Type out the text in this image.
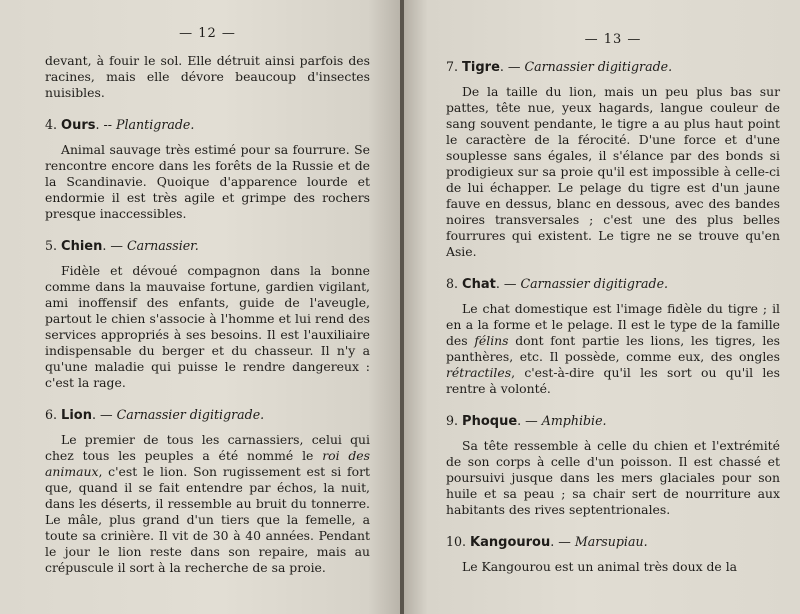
— 12 —

devant, à fouir le sol. Elle détruit ainsi parfois des racines, mais elle dévore beaucoup d'insectes nuisibles.

4. Ours. -- Plantigrade.

Animal sauvage très estimé pour sa fourrure. Se rencontre encore dans les forêts de la Russie et de la Scandinavie. Quoique d'apparence lourde et endormie il est très agile et grimpe des rochers presque inaccessibles.

5. Chien. — Carnassier.

Fidèle et dévoué compagnon dans la bonne comme dans la mauvaise fortune, gardien vigilant, ami inoffensif des enfants, guide de l'aveugle, partout le chien s'associe à l'homme et lui rend des services appropriés à ses besoins. Il est l'auxiliaire indispensable du berger et du chasseur. Il n'y a qu'une maladie qui puisse le rendre dangereux : c'est la rage.

6. Lion. — Carnassier digitigrade.

Le premier de tous les carnassiers, celui qui chez tous les peuples a été nommé le roi des animaux, c'est le lion. Son rugissement est si fort que, quand il se fait entendre par échos, la nuit, dans les déserts, il ressemble au bruit du tonnerre. Le mâle, plus grand d'un tiers que la femelle, a toute sa crinière. Il vit de 30 à 40 années. Pendant le jour le lion reste dans son repaire, mais au crépuscule il sort à la recherche de sa proie.

— 13 —
7. Tigre. — Carnassier digitigrade.

De la taille du lion, mais un peu plus bas sur pattes, tête nue, yeux hagards, langue couleur de sang souvent pendante, le tigre a au plus haut point le caractère de la férocité. D'une force et d'une souplesse sans égales, il s'élance par des bonds si prodigieux sur sa proie qu'il est impossible à celle-ci de lui échapper. Le pelage du tigre est d'un jaune fauve en dessus, blanc en dessous, avec des bandes noires transversales ; c'est une des plus belles fourrures qui existent. Le tigre ne se trouve qu'en Asie.

8. Chat. — Carnassier digitigrade.

Le chat domestique est l'image fidèle du tigre ; il en a la forme et le pelage. Il est le type de la famille des félins dont font partie les lions, les tigres, les panthères, etc. Il possède, comme eux, des ongles rétractiles, c'est-à-dire qu'il les sort ou qu'il les rentre à volonté.

9. Phoque. — Amphibie.

Sa tête ressemble à celle du chien et l'extrémité de son corps à celle d'un poisson. Il est chassé et poursuivi jusque dans les mers glaciales pour son huile et sa peau ; sa chair sert de nourriture aux habitants des rives septentrionales.

10. Kangourou. — Marsupiau.

Le Kangourou est un animal très doux de la
